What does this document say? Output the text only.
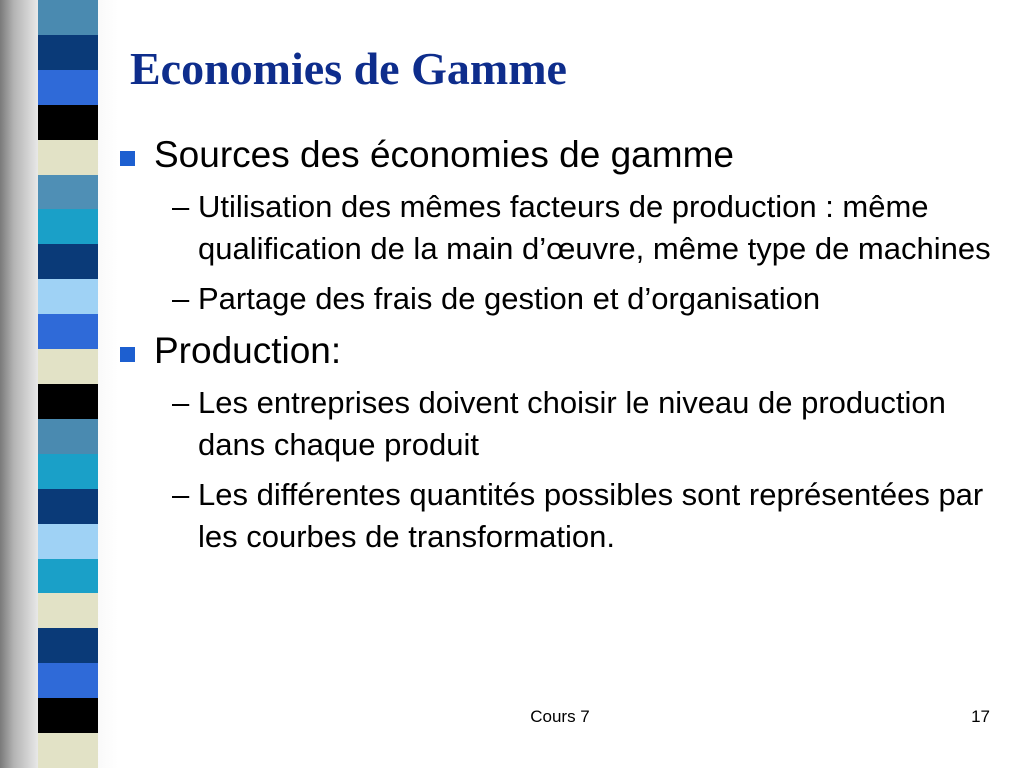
Economies de Gamme
Sources des économies de gamme
– Utilisation des mêmes facteurs de production : même qualification de la main d’œuvre, même type de machines
– Partage des frais de gestion et d’organisation
Production:
– Les entreprises doivent choisir le niveau de production dans chaque produit
– Les différentes quantités possibles sont représentées par les courbes de transformation.
Cours 7	17
